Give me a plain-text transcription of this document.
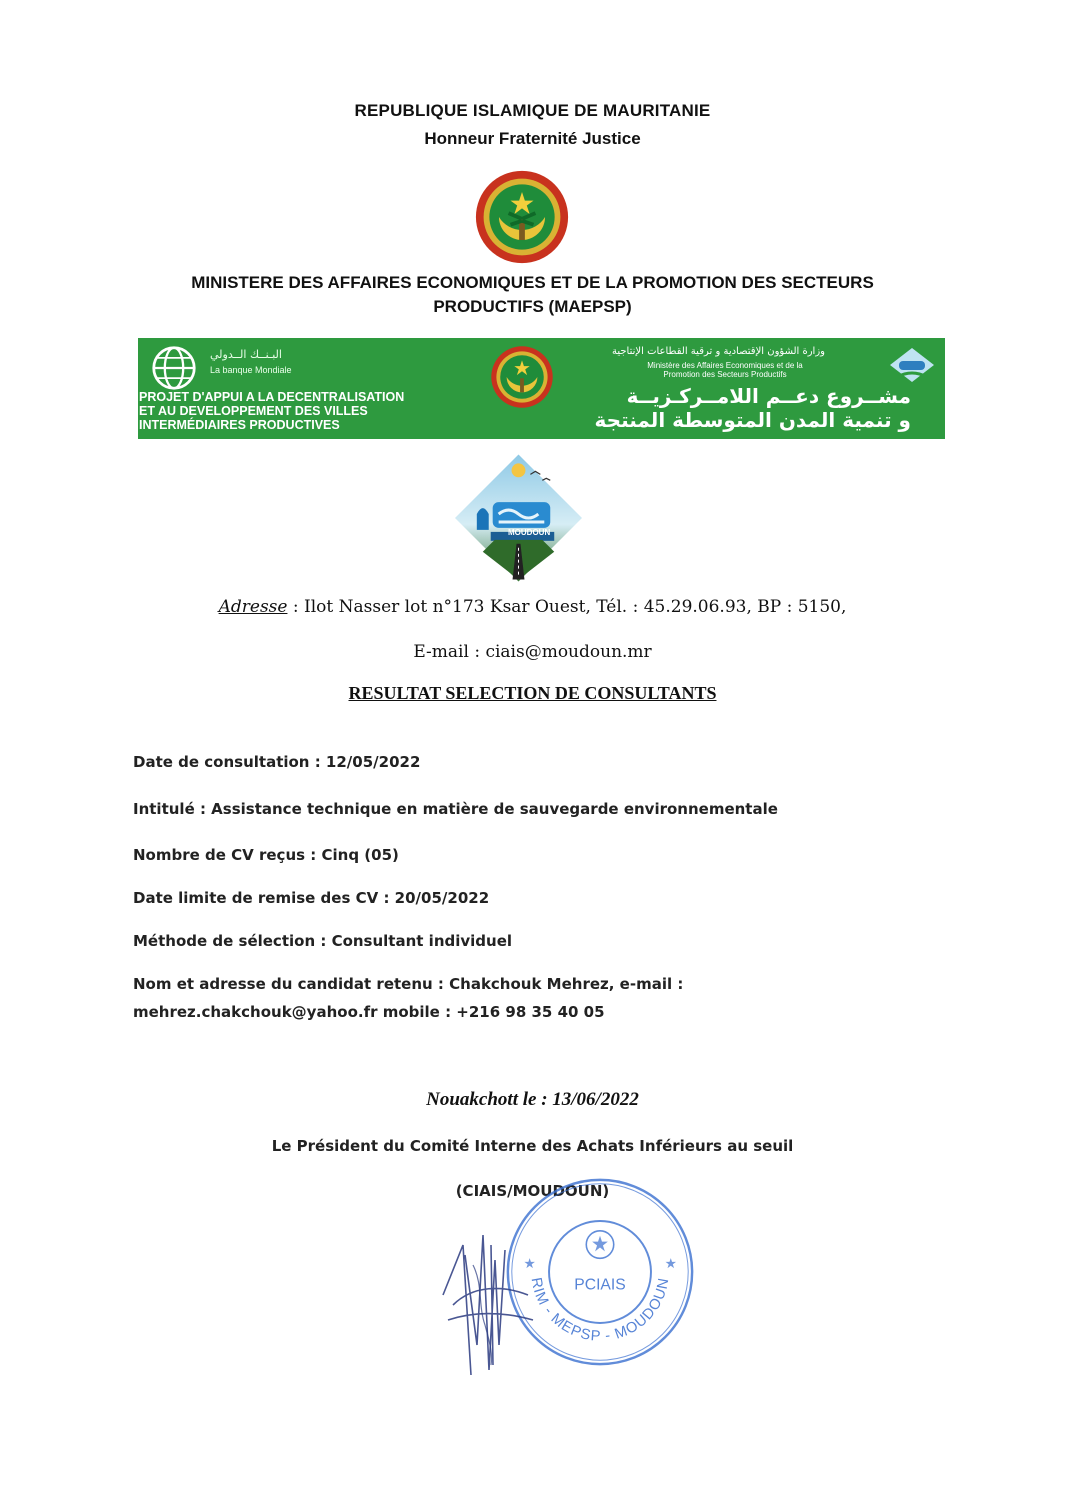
REPUBLIQUE ISLAMIQUE DE MAURITANIE
Honneur Fraternité Justice
MINISTERE DES AFFAIRES ECONOMIQUES ET DE LA PROMOTION DES SECTEURS
PRODUCTIFS (MAEPSP)
البـنــك الــدولي
La banque Mondiale
PROJET D'APPUI A LA DECENTRALISATION
ET AU DEVELOPPEMENT DES VILLES
INTERMÉDIAIRES PRODUCTIVES
وزارة الشؤون الإقتصادية و ترقية القطاعات الإنتاجية
Ministère des Affaires Economiques et de la
Promotion des Secteurs Productifs
مشــروع دعــم اللامــركـزيــة
و تنمية المدن المتوسطة المنتجة
MOUDOUN
Adresse : Ilot Nasser lot n°173 Ksar Ouest, Tél. : 45.29.06.93, BP : 5150,
E-mail : ciais@moudoun.mr
RESULTAT SELECTION DE CONSULTANTS
Date de consultation : 12/05/2022
Intitulé : Assistance technique en matière de sauvegarde environnementale
Nombre de CV reçus : Cinq (05)
Date limite de remise des CV : 20/05/2022
Méthode de sélection : Consultant individuel
Nom et adresse du candidat retenu : Chakchouk Mehrez, e-mail :
mehrez.chakchouk@yahoo.fr mobile : +216 98 35 40 05
Nouakchott le : 13/06/2022
Le Président du Comité Interne des Achats Inférieurs au seuil
(CIAIS/MOUDOUN)
PCIAIS
RIM - MEPSP - MOUDOUN
★	★
